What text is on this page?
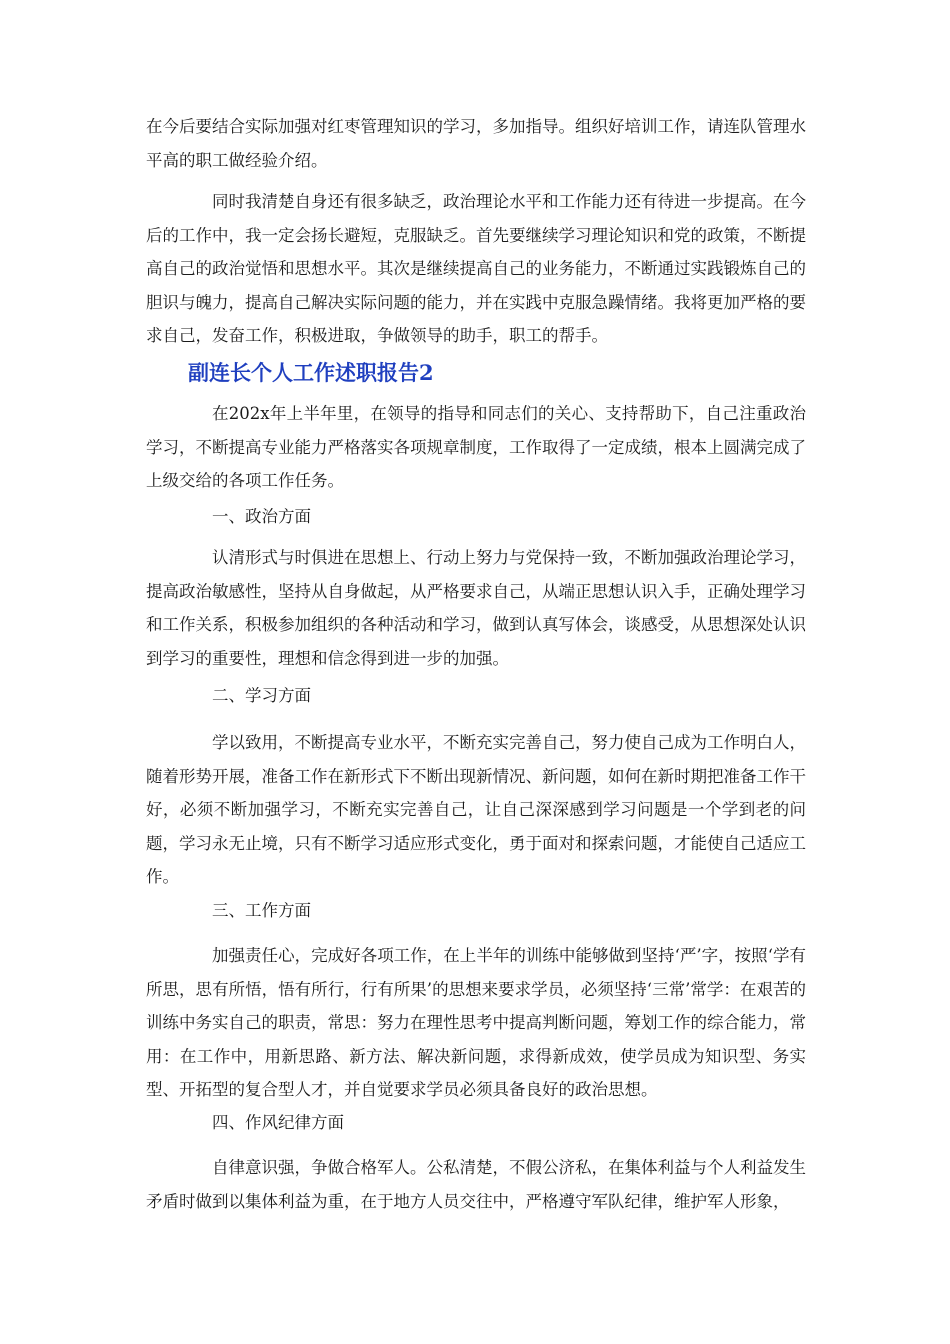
在今后要结合实际加强对红枣管理知识的学习，多加指导。组织好培训工作，请连队管理水平高的职工做经验介绍。

同时我清楚自身还有很多缺乏，政治理论水平和工作能力还有待进一步提高。在今后的工作中，我一定会扬长避短，克服缺乏。首先要继续学习理论知识和党的政策，不断提高自己的政治觉悟和思想水平。其次是继续提高自己的业务能力，不断通过实践锻炼自己的胆识与魄力，提高自己解决实际问题的能力，并在实践中克服急躁情绪。我将更加严格的要求自己，发奋工作，积极进取，争做领导的助手，职工的帮手。

副连长个人工作述职报告2

在202x年上半年里，在领导的指导和同志们的关心、支持帮助下，自己注重政治学习，不断提高专业能力严格落实各项规章制度，工作取得了一定成绩，根本上圆满完成了上级交给的各项工作任务。

一、政治方面

认清形式与时俱进在思想上、行动上努力与党保持一致，不断加强政治理论学习，提高政治敏感性，坚持从自身做起，从严格要求自己，从端正思想认识入手，正确处理学习和工作关系，积极参加组织的各种活动和学习，做到认真写体会，谈感受，从思想深处认识到学习的重要性，理想和信念得到进一步的加强。

二、学习方面

学以致用，不断提高专业水平，不断充实完善自己，努力使自己成为工作明白人，随着形势开展，准备工作在新形式下不断出现新情况、新问题，如何在新时期把准备工作干好，必须不断加强学习，不断充实完善自己，让自己深深感到学习问题是一个学到老的问题，学习永无止境，只有不断学习适应形式变化，勇于面对和探索问题，才能使自己适应工作。

三、工作方面

加强责任心，完成好各项工作，在上半年的训练中能够做到坚持‘严’字，按照‘学有所思，思有所悟，悟有所行，行有所果’的思想来要求学员，必须坚持‘三常’常学：在艰苦的训练中务实自己的职责，常思：努力在理性思考中提高判断问题，筹划工作的综合能力，常用：在工作中，用新思路、新方法、解决新问题，求得新成效，使学员成为知识型、务实型、开拓型的复合型人才，并自觉要求学员必须具备良好的政治思想。

四、作风纪律方面

自律意识强，争做合格军人。公私清楚，不假公济私，在集体利益与个人利益发生矛盾时做到以集体利益为重，在于地方人员交往中，严格遵守军队纪律，维护军人形象，
